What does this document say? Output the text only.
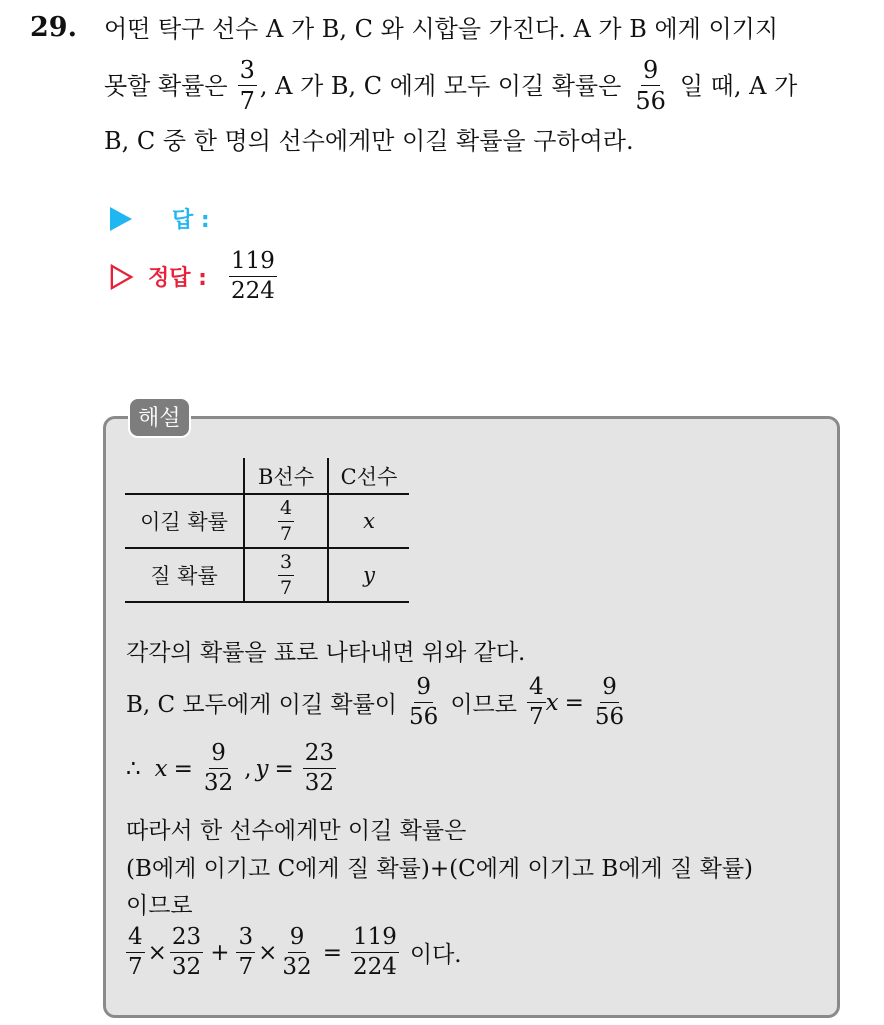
29. 어떤 탁구 선수 A 가 B, C 와 시합을 가진다. A 가 B 에게 이기지
못할 확률은 $\frac{3}{7}$ , A 가 B, C 에게 모두 이길 확률은 $\frac{9}{56}$ 일 때, A 가
B, C 중 한 명의 선수에게만 이길 확률을 구하여라.
답 :
정답 : $\frac{119}{224}$
해설
	B선수	C선수
이길 확률	$\frac{4}{7}$	x
질 확률	$\frac{3}{7}$	y
각각의 확률을 표로 나타내면 위와 같다.
B, C 모두에게 이길 확률이 $\frac{9}{56}$ 이므로 $\frac{4}{7}$ $x = \frac{9}{56}$
∴ $x = \frac{9}{32}$ , $y = \frac{23}{32}$
따라서 한 선수에게만 이길 확률은
(B에게 이기고 C에게 질 확률)+(C에게 이기고 B에게 질 확률)
이므로
$\frac{4}{7} \times \frac{23}{32} + \frac{3}{7} \times \frac{9}{32} = \frac{119}{224}$ 이다.
